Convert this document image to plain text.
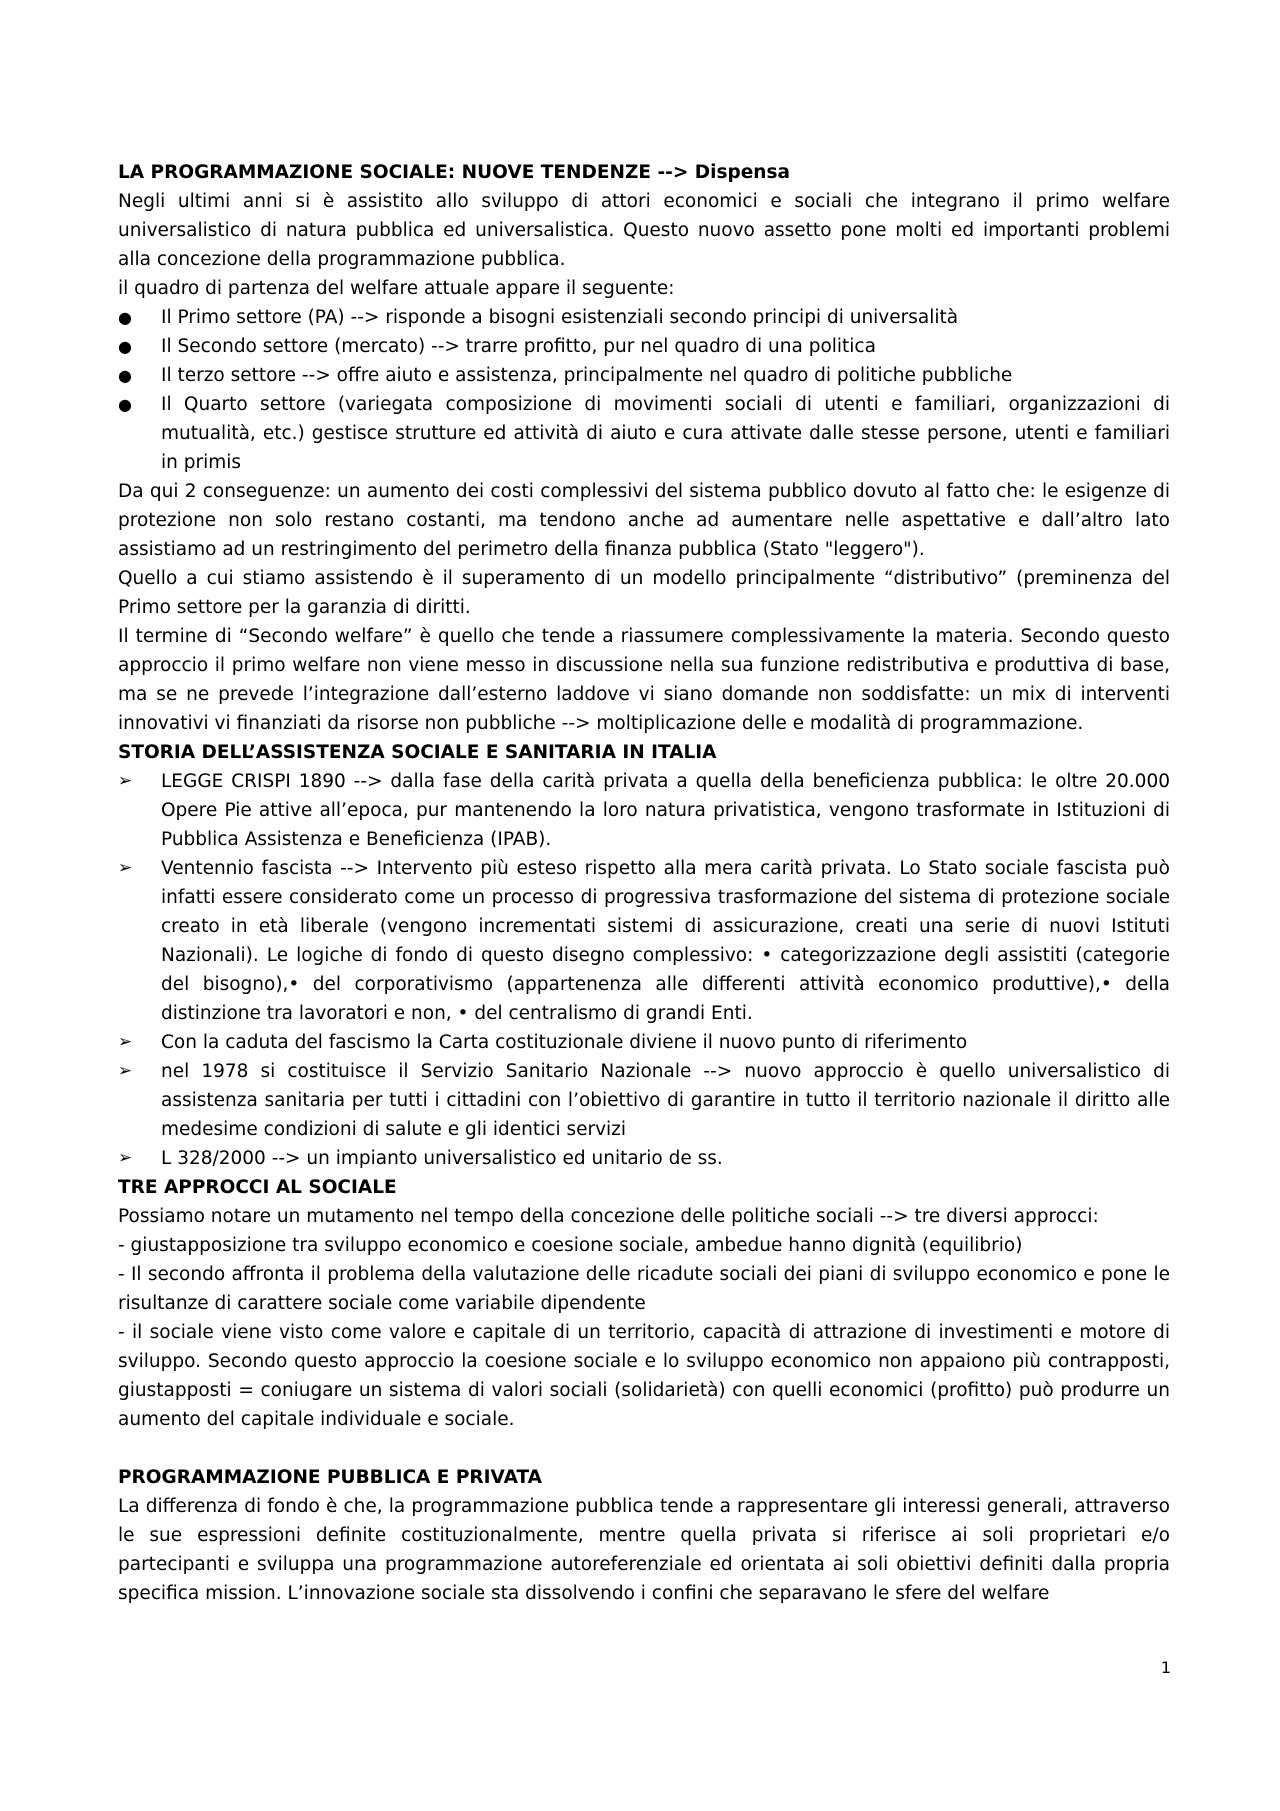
LA PROGRAMMAZIONE SOCIALE: NUOVE TENDENZE --> Dispensa

Negli ultimi anni si è assistito allo sviluppo di attori economici e sociali che integrano il primo welfare universalistico di natura pubblica ed universalistica. Questo nuovo assetto pone molti ed importanti problemi alla concezione della programmazione pubblica.

il quadro di partenza del welfare attuale appare il seguente:

●	Il Primo settore (PA) --> risponde a bisogni esistenziali secondo principi di universalità
●	Il Secondo settore (mercato) --> trarre profitto, pur nel quadro di una politica
●	Il terzo settore --> offre aiuto e assistenza, principalmente nel quadro di politiche pubbliche
●	Il Quarto settore (variegata composizione di movimenti sociali di utenti e familiari, organizzazioni di mutualità, etc.) gestisce strutture ed attività di aiuto e cura attivate dalle stesse persone, utenti e familiari in primis

Da qui 2 conseguenze: un aumento dei costi complessivi del sistema pubblico dovuto al fatto che: le esigenze di protezione non solo restano costanti, ma tendono anche ad aumentare nelle aspettative e dall’altro lato assistiamo ad un restringimento del perimetro della finanza pubblica (Stato "leggero").

Quello a cui stiamo assistendo è il superamento di un modello principalmente “distributivo” (preminenza del Primo settore per la garanzia di diritti.

Il termine di “Secondo welfare” è quello che tende a riassumere complessivamente la materia. Secondo questo approccio il primo welfare non viene messo in discussione nella sua funzione redistributiva e produttiva di base, ma se ne prevede l’integrazione dall’esterno laddove vi siano domande non soddisfatte: un mix di interventi innovativi vi finanziati da risorse non pubbliche --> moltiplicazione delle e modalità di programmazione.

STORIA DELL’ASSISTENZA SOCIALE E SANITARIA IN ITALIA

➢	LEGGE CRISPI 1890 --> dalla fase della carità privata a quella della beneficienza pubblica: le oltre 20.000 Opere Pie attive all’epoca, pur mantenendo la loro natura privatistica, vengono trasformate in Istituzioni di Pubblica Assistenza e Beneficienza (IPAB).
➢	Ventennio fascista --> Intervento più esteso rispetto alla mera carità privata. Lo Stato sociale fascista può infatti essere considerato come un processo di progressiva trasformazione del sistema di protezione sociale creato in età liberale (vengono incrementati sistemi di assicurazione, creati una serie di nuovi Istituti Nazionali). Le logiche di fondo di questo disegno complessivo: • categorizzazione degli assistiti (categorie del bisogno),• del corporativismo (appartenenza alle differenti attività economico produttive),• della distinzione tra lavoratori e non, • del centralismo di grandi Enti.
➢	Con la caduta del fascismo la Carta costituzionale diviene il nuovo punto di riferimento
➢	nel 1978 si costituisce il Servizio Sanitario Nazionale --> nuovo approccio è quello universalistico di assistenza sanitaria per tutti i cittadini con l’obiettivo di garantire in tutto il territorio nazionale il diritto alle medesime condizioni di salute e gli identici servizi
➢	L 328/2000 --> un impianto universalistico ed unitario de ss.

TRE APPROCCI AL SOCIALE

Possiamo notare un mutamento nel tempo della concezione delle politiche sociali --> tre diversi approcci:

- giustapposizione tra sviluppo economico e coesione sociale, ambedue hanno dignità (equilibrio)

- Il secondo affronta il problema della valutazione delle ricadute sociali dei piani di sviluppo economico e pone le risultanze di carattere sociale come variabile dipendente

- il sociale viene visto come valore e capitale di un territorio, capacità di attrazione di investimenti e motore di sviluppo. Secondo questo approccio la coesione sociale e lo sviluppo economico non appaiono più contrapposti, giustapposti = coniugare un sistema di valori sociali (solidarietà) con quelli economici (profitto) può produrre un aumento del capitale individuale e sociale.

PROGRAMMAZIONE PUBBLICA E PRIVATA

La differenza di fondo è che, la programmazione pubblica tende a rappresentare gli interessi generali, attraverso le sue espressioni definite costituzionalmente, mentre quella privata si riferisce ai soli proprietari e/o partecipanti e sviluppa una programmazione autoreferenziale ed orientata ai soli obiettivi definiti dalla propria specifica mission. L’innovazione sociale sta dissolvendo i confini che separavano le sfere del welfare

1
